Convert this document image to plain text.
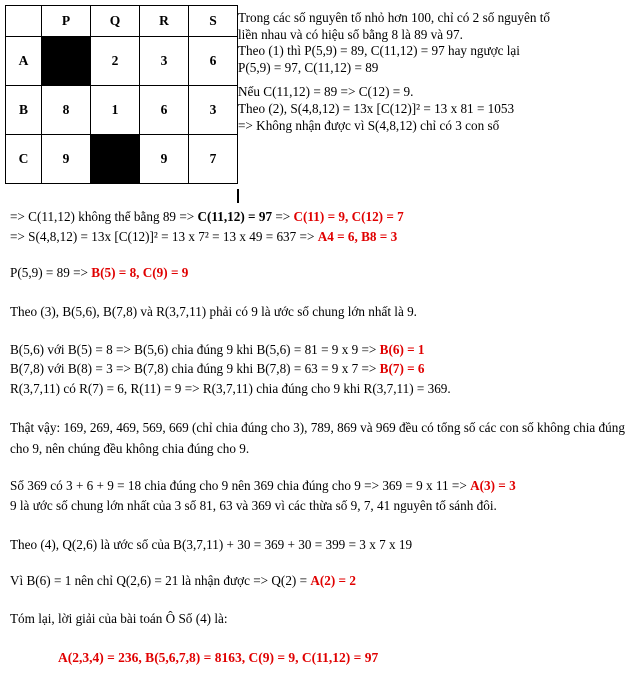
	P	Q	R	S
A		2	3	6
B	8	1	6	3
C	9		9	7
Trong các số nguyên tố nhỏ hơn 100, chỉ có 2 số nguyên tố
liền nhau và có hiệu số bằng 8 là 89 và 97.
Theo (1) thì P(5,9) = 89, C(11,12) = 97 hay ngược lại
P(5,9) = 97, C(11,12) = 89
Nếu C(11,12) = 89 => C(12) = 9.
Theo (2), S(4,8,12) = 13x [C(12)]² = 13 x 81 = 1053
=> Không nhận được vì S(4,8,12) chỉ có 3 con số
=> C(11,12) không thể bằng 89 => C(11,12) = 97 => C(11) = 9, C(12) = 7
=> S(4,8,12) = 13x [C(12)]² = 13 x 7² = 13 x 49 = 637 => A4 = 6, B8 = 3
P(5,9) = 89 => B(5) = 8, C(9) = 9
Theo (3), B(5,6), B(7,8) và R(3,7,11) phải có 9 là ước số chung lớn nhất là 9.
B(5,6) với B(5) = 8 => B(5,6) chia đúng 9 khi B(5,6) = 81 = 9 x 9 => B(6) = 1
B(7,8) với B(8) = 3 => B(7,8) chia đúng 9 khi B(7,8) = 63 = 9 x 7 => B(7) = 6
R(3,7,11) có R(7) = 6, R(11) = 9 => R(3,7,11) chia đúng cho 9 khi R(3,7,11) = 369.
Thật vậy: 169, 269, 469, 569, 669 (chỉ chia đúng cho 3), 789, 869 và 969 đều có tổng số các con số không chia đúng cho 9, nên chúng đều không chia đúng cho 9.
Số 369 có 3 + 6 + 9 = 18 chia đúng cho 9 nên 369 chia đúng cho 9 => 369 = 9 x 11 => A(3) = 3
9 là ước số chung lớn nhất của 3 số 81, 63 và 369 vì các thừa số 9, 7, 41 nguyên tố sánh đôi.
Theo (4), Q(2,6) là ước số của B(3,7,11) + 30 = 369 + 30 = 399 = 3 x 7 x 19
Vì B(6) = 1 nên chỉ Q(2,6) = 21 là nhận được => Q(2) = A(2) = 2
Tóm lại, lời giải của bài toán Ô Số (4) là:
A(2,3,4) = 236, B(5,6,7,8) = 8163, C(9) = 9, C(11,12) = 97
